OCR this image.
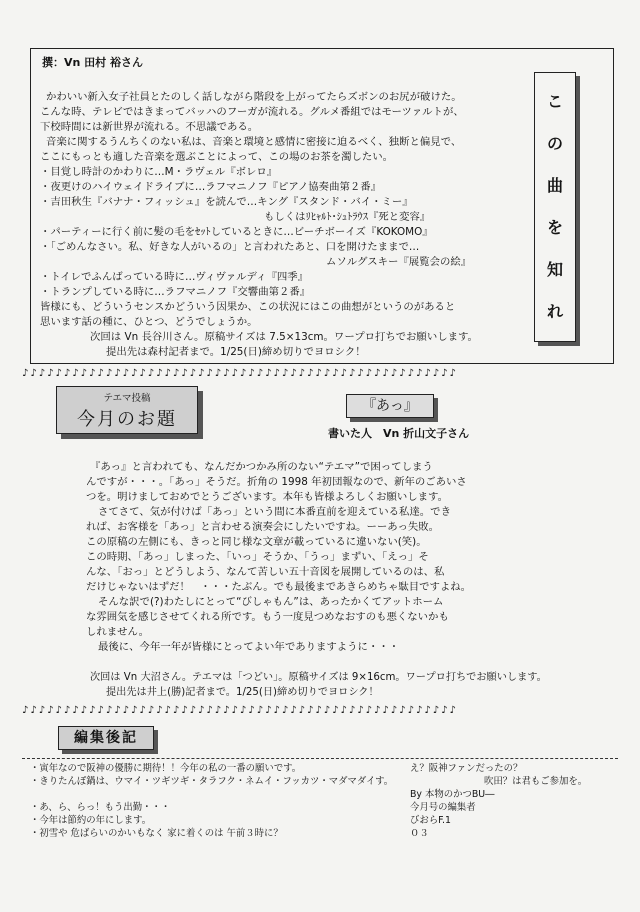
撰：Vn 田村 裕さん
こ
の
曲
を
知
れ
かわいい新入女子社員とたのしく話しながら階段を上がってたらズボンのお尻が破けた。
こんな時、テレビではきまってバッハのフーガが流れる。グルメ番組ではモーツァルトが、
下校時間には新世界が流れる。不思議である。
音楽に関するうんちくのない私は、音楽と環境と感情に密接に迫るべく、独断と偏見で、
ここにもっとも適した音楽を選ぶことによって、この場のお茶を濁したい。
・目覚し時計のかわりに…M・ラヴェル『ボレロ』
・夜更けのハイウェイドライブに…ラフマニノフ『ピアノ協奏曲第２番』
・吉田秋生『バナナ・フィッシュ』を読んで…キング『スタンド・バイ・ミー』
もしくはﾘﾋｬﾙﾄ･ｼｭﾄﾗｳｽ『死と変容』
・パーティーに行く前に髪の毛をｾｯﾄしているときに…ビーチボーイズ『KOKOMO』
・「ごめんなさい。私、好きな人がいるの」と言われたあと、口を開けたままで…
ムソルグスキー『展覧会の絵』
・トイレでふんばっている時に…ヴィヴァルディ『四季』
・トランプしている時に…ラフマニノフ『交響曲第２番』
皆様にも、どういうセンスかどういう因果か、この状況にはこの曲想がというのがあると
思います話の種に、ひとつ、どうでしょうか。
次回は Vn 長谷川さん。原稿サイズは 7.5×13cm。ワープロ打ちでお願いします。
提出先は森村記者まで。1/25(日)締め切りでヨロシク！
♪♪♪♪♪♪♪♪♪♪♪♪♪♪♪♪♪♪♪♪♪♪♪♪♪♪♪♪♪♪♪♪♪♪♪♪♪♪♪♪♪♪♪♪♪♪♪♪♪♪♪♪
テエマ投稿
今月のお題
『あっ』
書いた人　Vn 折山文子さん
『あっ』と言われても、なんだかつかみ所のない“テエマ”で困ってしまう
んですが・・・。「あっ」そうだ。折角の 1998 年初団報なので、新年のごあいさ
つを。明けましておめでとうございます。本年も皆様よろしくお願いします。
さてさて、気が付けば「あっ」という間に本番直前を迎えている私達。でき
れば、お客様を「あっ」と言わせる演奏会にしたいですね。ーーあっ失敗。
この原稿の左側にも、きっと同じ様な文章が載っているに違いない(笑)。
この時期、「あっ」しまった、「いっ」そうか、「うっ」まずい、「えっ」そ
んな、「おっ」とどうしよう、なんて苦しい五十音図を展開しているのは、私
だけじゃないはずだ！　・・・たぶん。でも最後まであきらめちゃ駄目ですよね。
そんな訳で(?)わたしにとって“びしゃもん”は、あったかくてアットホーム
な雰囲気を感じさせてくれる所です。もう一度見つめなおすのも悪くないかも
しれません。
最後に、今年一年が皆様にとってよい年でありますように・・・
次回は Vn 大沼さん。テエマは「つどい」。原稿サイズは 9×16cm。ワープロ打ちでお願いします。
提出先は井上(勝)記者まで。1/25(日)締め切りでヨロシク！
♪♪♪♪♪♪♪♪♪♪♪♪♪♪♪♪♪♪♪♪♪♪♪♪♪♪♪♪♪♪♪♪♪♪♪♪♪♪♪♪♪♪♪♪♪♪♪♪♪♪♪♪
編集後記
・寅年なので阪神の優勝に期待！！今年の私の一番の願いです。
・きりたんぽ鍋は、ウマイ・ツギツギ・タラフク・ネムイ・フッカツ・マダマダイす。
・あ、ら、らっ！もう出勤・・・
・今年は節約の年にします。
・初雪や 危ばらいのかいもなく 家に着くのは 午前３時に？
え？阪神ファンだったの？
吹田？は君もご参加を。
By 本物のかつBU―
今月号の編集者
びおらF.1
０３
